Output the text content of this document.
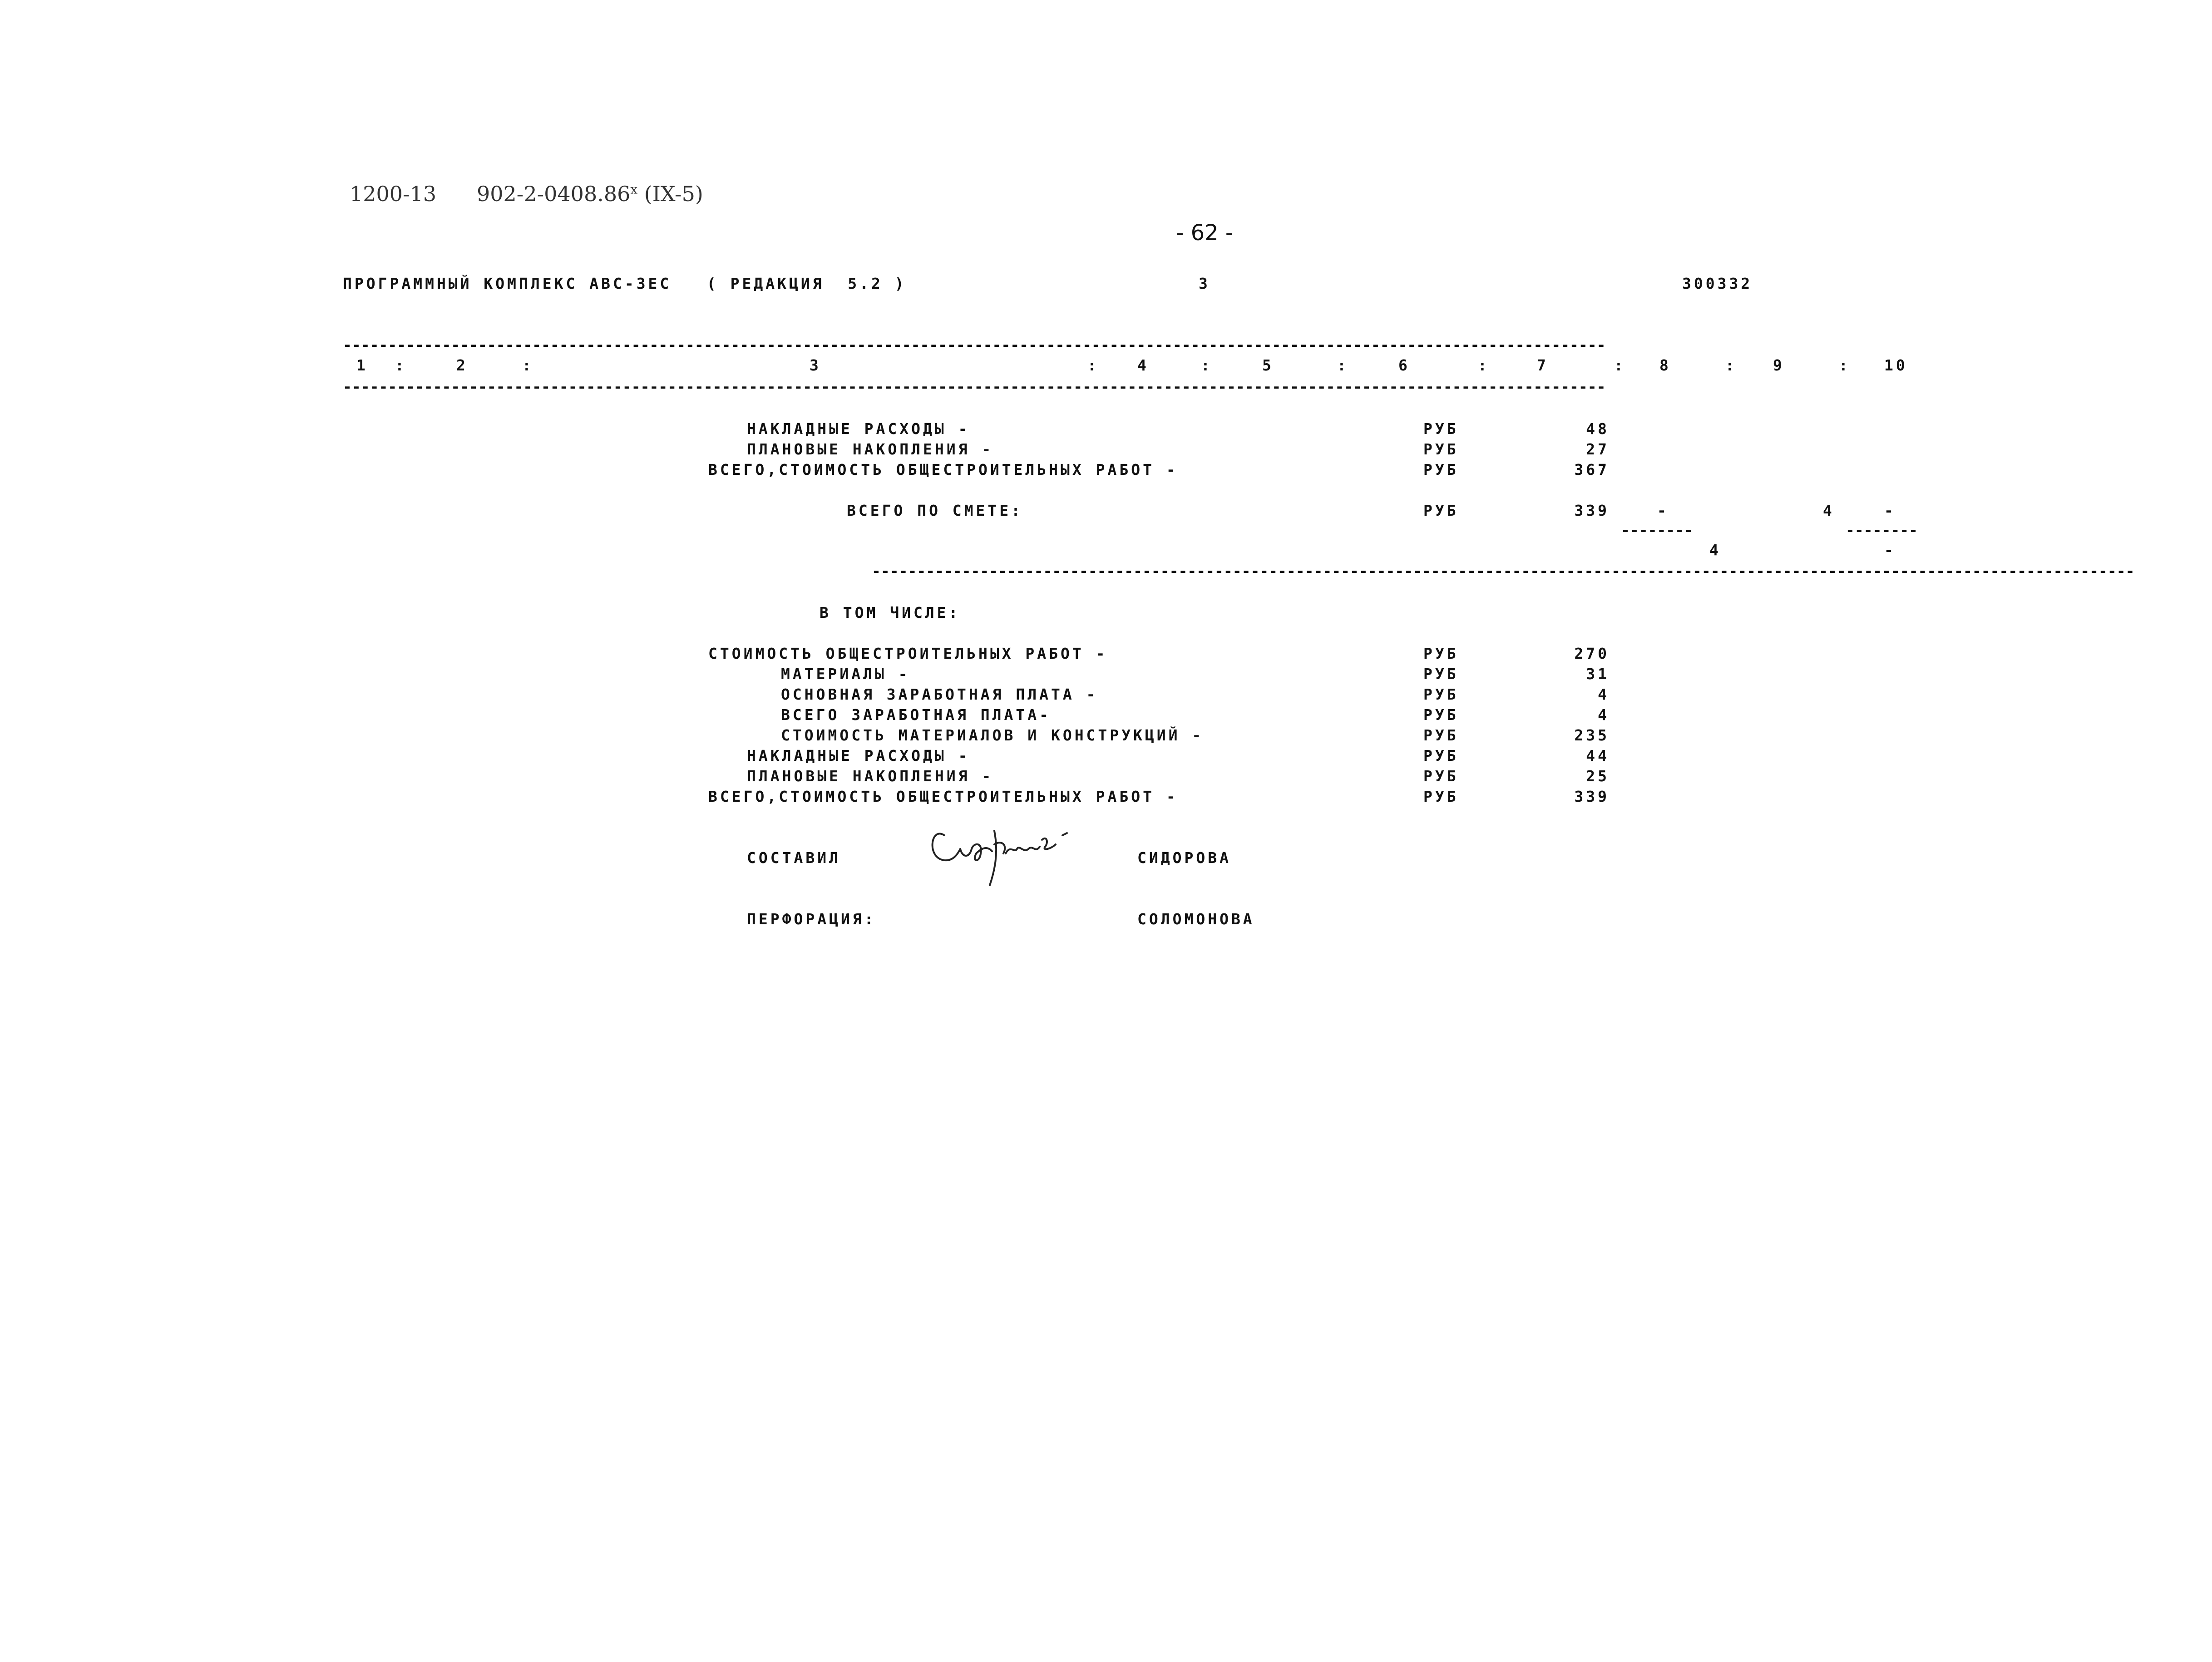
1200-13 902-2-0408.86$^x$ (IX-5)
- 62 -
ПРОГРАММНЫЙ КОМПЛЕКС АВС-3ЕС   ( РЕДАКЦИЯ  5.2 )	3	300332
--------------------------------------------------------------------------------------------------------------------------------------------
1 :	2	:	3	:	4	:	5	:	6	:	7	: 8	: 9	: 10
--------------------------------------------------------------------------------------------------------------------------------------------
НАКЛАДНЫЕ РАСХОДЫ -	РУБ	48
ПЛАНОВЫЕ НАКОПЛЕНИЯ -	РУБ	27
ВСЕГО,СТОИМОСТЬ ОБЩЕСТРОИТЕЛЬНЫХ РАБОТ -	РУБ	367
ВСЕГО ПО СМЕТЕ:	РУБ	339	-	4	-
--------	--------
4	-
--------------------------------------------------------------------------------------------------------------------------------------------
В ТОМ ЧИСЛЕ:
СТОИМОСТЬ ОБЩЕСТРОИТЕЛЬНЫХ РАБОТ -	РУБ	270
МАТЕРИАЛЫ -	РУБ	31
ОСНОВНАЯ ЗАРАБОТНАЯ ПЛАТА -	РУБ	4
ВСЕГО ЗАРАБОТНАЯ ПЛАТА-	РУБ	4
СТОИМОСТЬ МАТЕРИАЛОВ И КОНСТРУКЦИЙ -	РУБ	235
НАКЛАДНЫЕ РАСХОДЫ -	РУБ	44
ПЛАНОВЫЕ НАКОПЛЕНИЯ -	РУБ	25
ВСЕГО,СТОИМОСТЬ ОБЩЕСТРОИТЕЛЬНЫХ РАБОТ -	РУБ	339
СОСТАВИЛ	СИДОРОВА
ПЕРФОРАЦИЯ:	СОЛОМОНОВА
